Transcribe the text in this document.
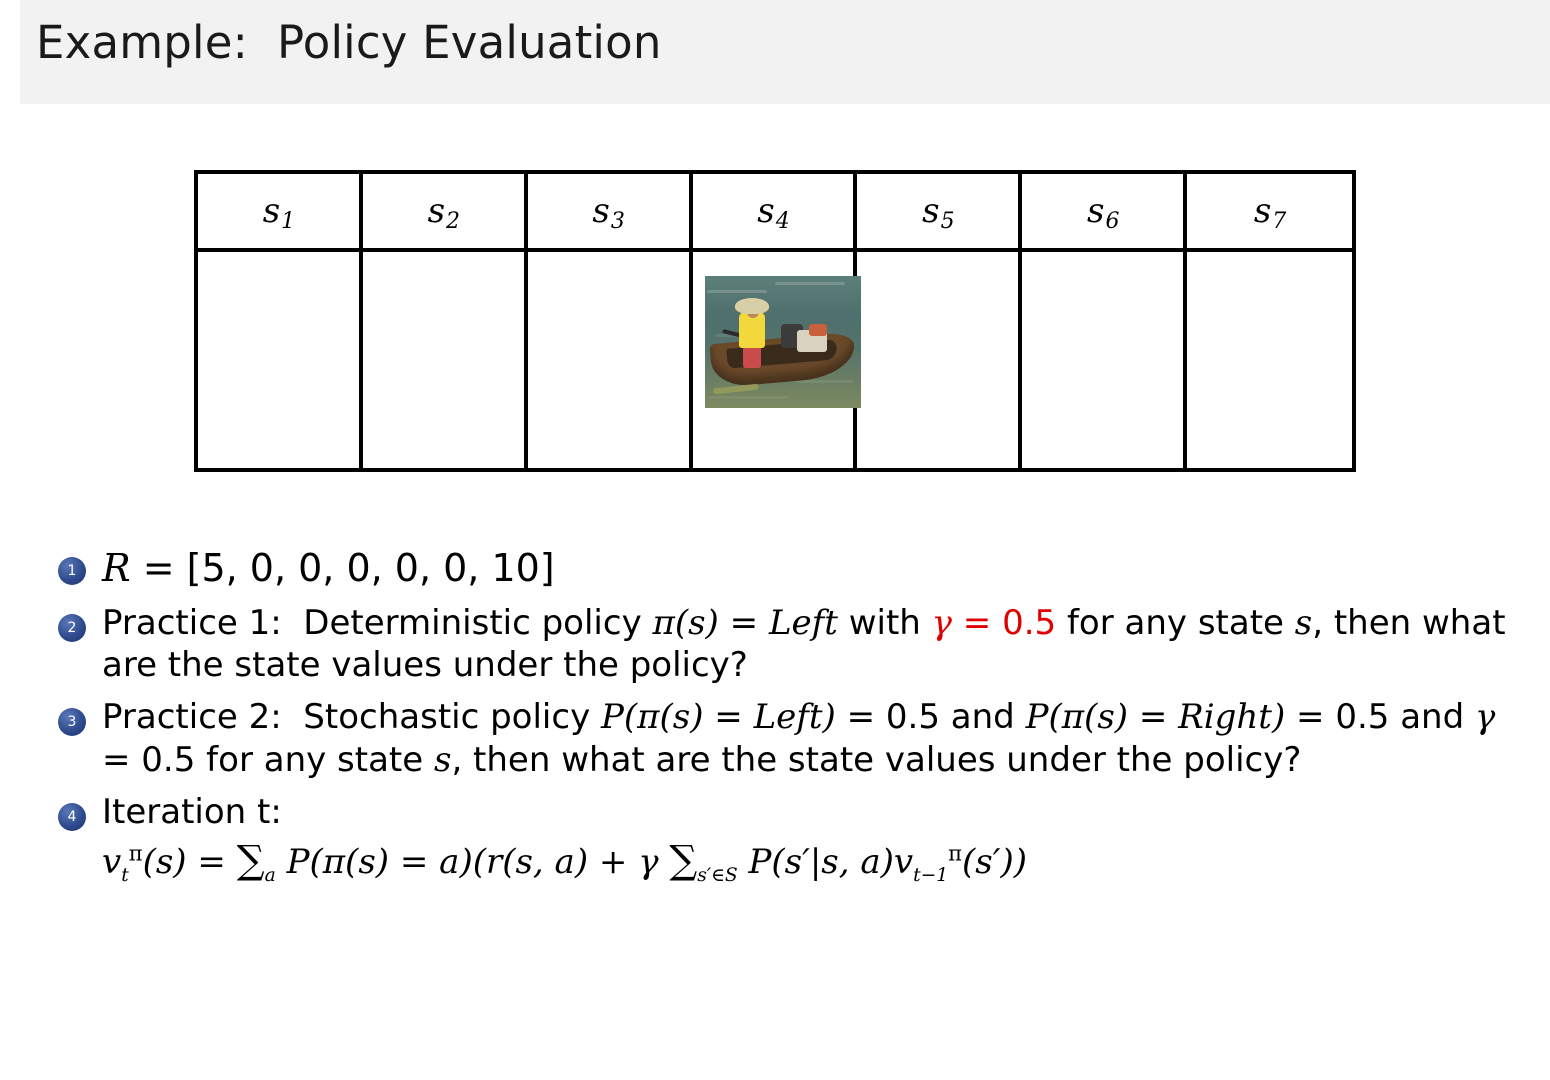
Example:  Policy Evaluation
$s_1$	$s_2$	$s_3$	$s_4$	$s_5$	$s_6$	$s_7$
1 R = [5, 0, 0, 0, 0, 0, 10]
2 Practice 1:  Deterministic policy π(s) = Left with γ = 0.5 for any state s, then what are the state values under the policy?
3 Practice 2:  Stochastic policy P(π(s) = Left) = 0.5 and P(π(s) = Right) = 0.5 and γ = 0.5 for any state s, then what are the state values under the policy?
4 Iteration t:
$v_t^\pi(s) = \sum_a$ P(π(s) = a)(r(s, a) + γ $\sum_{s'\in S}$ P(s′|s, $a)v_{t-1}^\pi(s')$)
